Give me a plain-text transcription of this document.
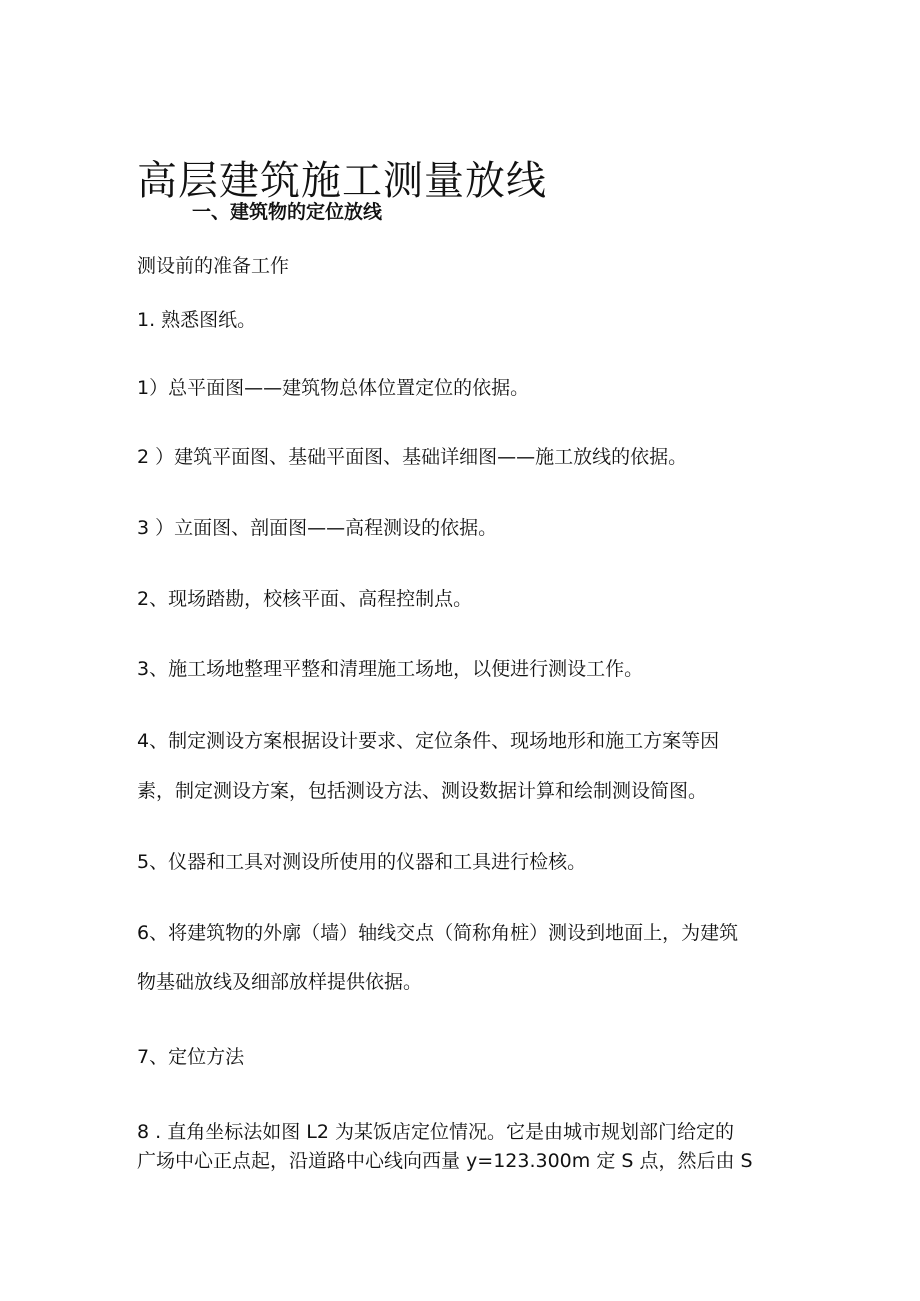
高层建筑施工测量放线
一、建筑物的定位放线
测设前的准备工作
1. 熟悉图纸。
1）总平面图——建筑物总体位置定位的依据。
2 ）建筑平面图、基础平面图、基础详细图——施工放线的依据。
3 ）立面图、剖面图——高程测设的依据。
2、现场踏勘，校核平面、高程控制点。
3、施工场地整理平整和清理施工场地，以便进行测设工作。
4、制定测设方案根据设计要求、定位条件、现场地形和施工方案等因
素，制定测设方案，包括测设方法、测设数据计算和绘制测设简图。
5、仪器和工具对测设所使用的仪器和工具进行检核。
6、将建筑物的外廓（墙）轴线交点（简称角桩）测设到地面上，为建筑
物基础放线及细部放样提供依据。
7、定位方法
8 . 直角坐标法如图 L2 为某饭店定位情况。它是由城市规划部门给定的
广场中心正点起，沿道路中心线向西量 y=123.300m 定 S 点，然后由 S
